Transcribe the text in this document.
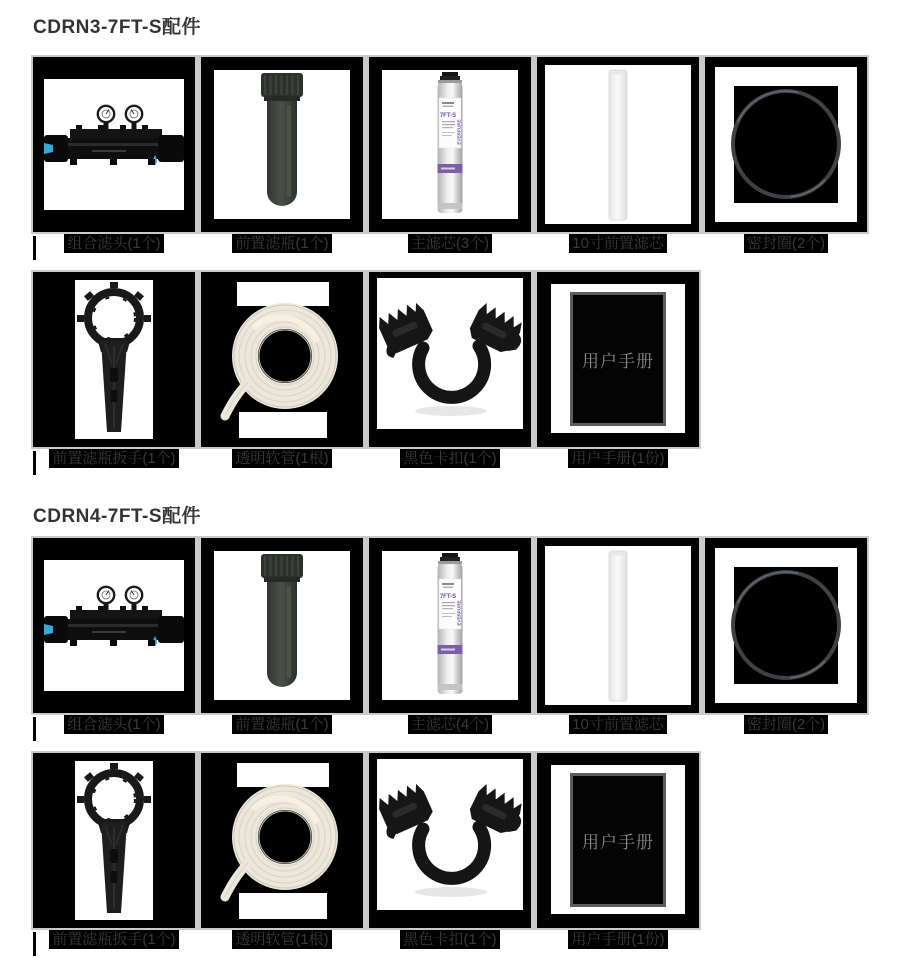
CDRN3-7FT-S配件
7FT-S
EVERPURE
组合滤头(1个)	前置滤瓶(1个)	主滤芯(3个)	10寸前置滤芯	密封圈(2个)
用户手册
前置滤瓶扳手(1个)	透明软管(1根)	黑色卡扣(1个)	用户手册(1份)
CDRN4-7FT-S配件
7FT-S
EVERPURE
组合滤头(1个)	前置滤瓶(1个)	主滤芯(4个)	10寸前置滤芯	密封圈(2个)
用户手册
前置滤瓶扳手(1个)	透明软管(1根)	黑色卡扣(1个)	用户手册(1份)
